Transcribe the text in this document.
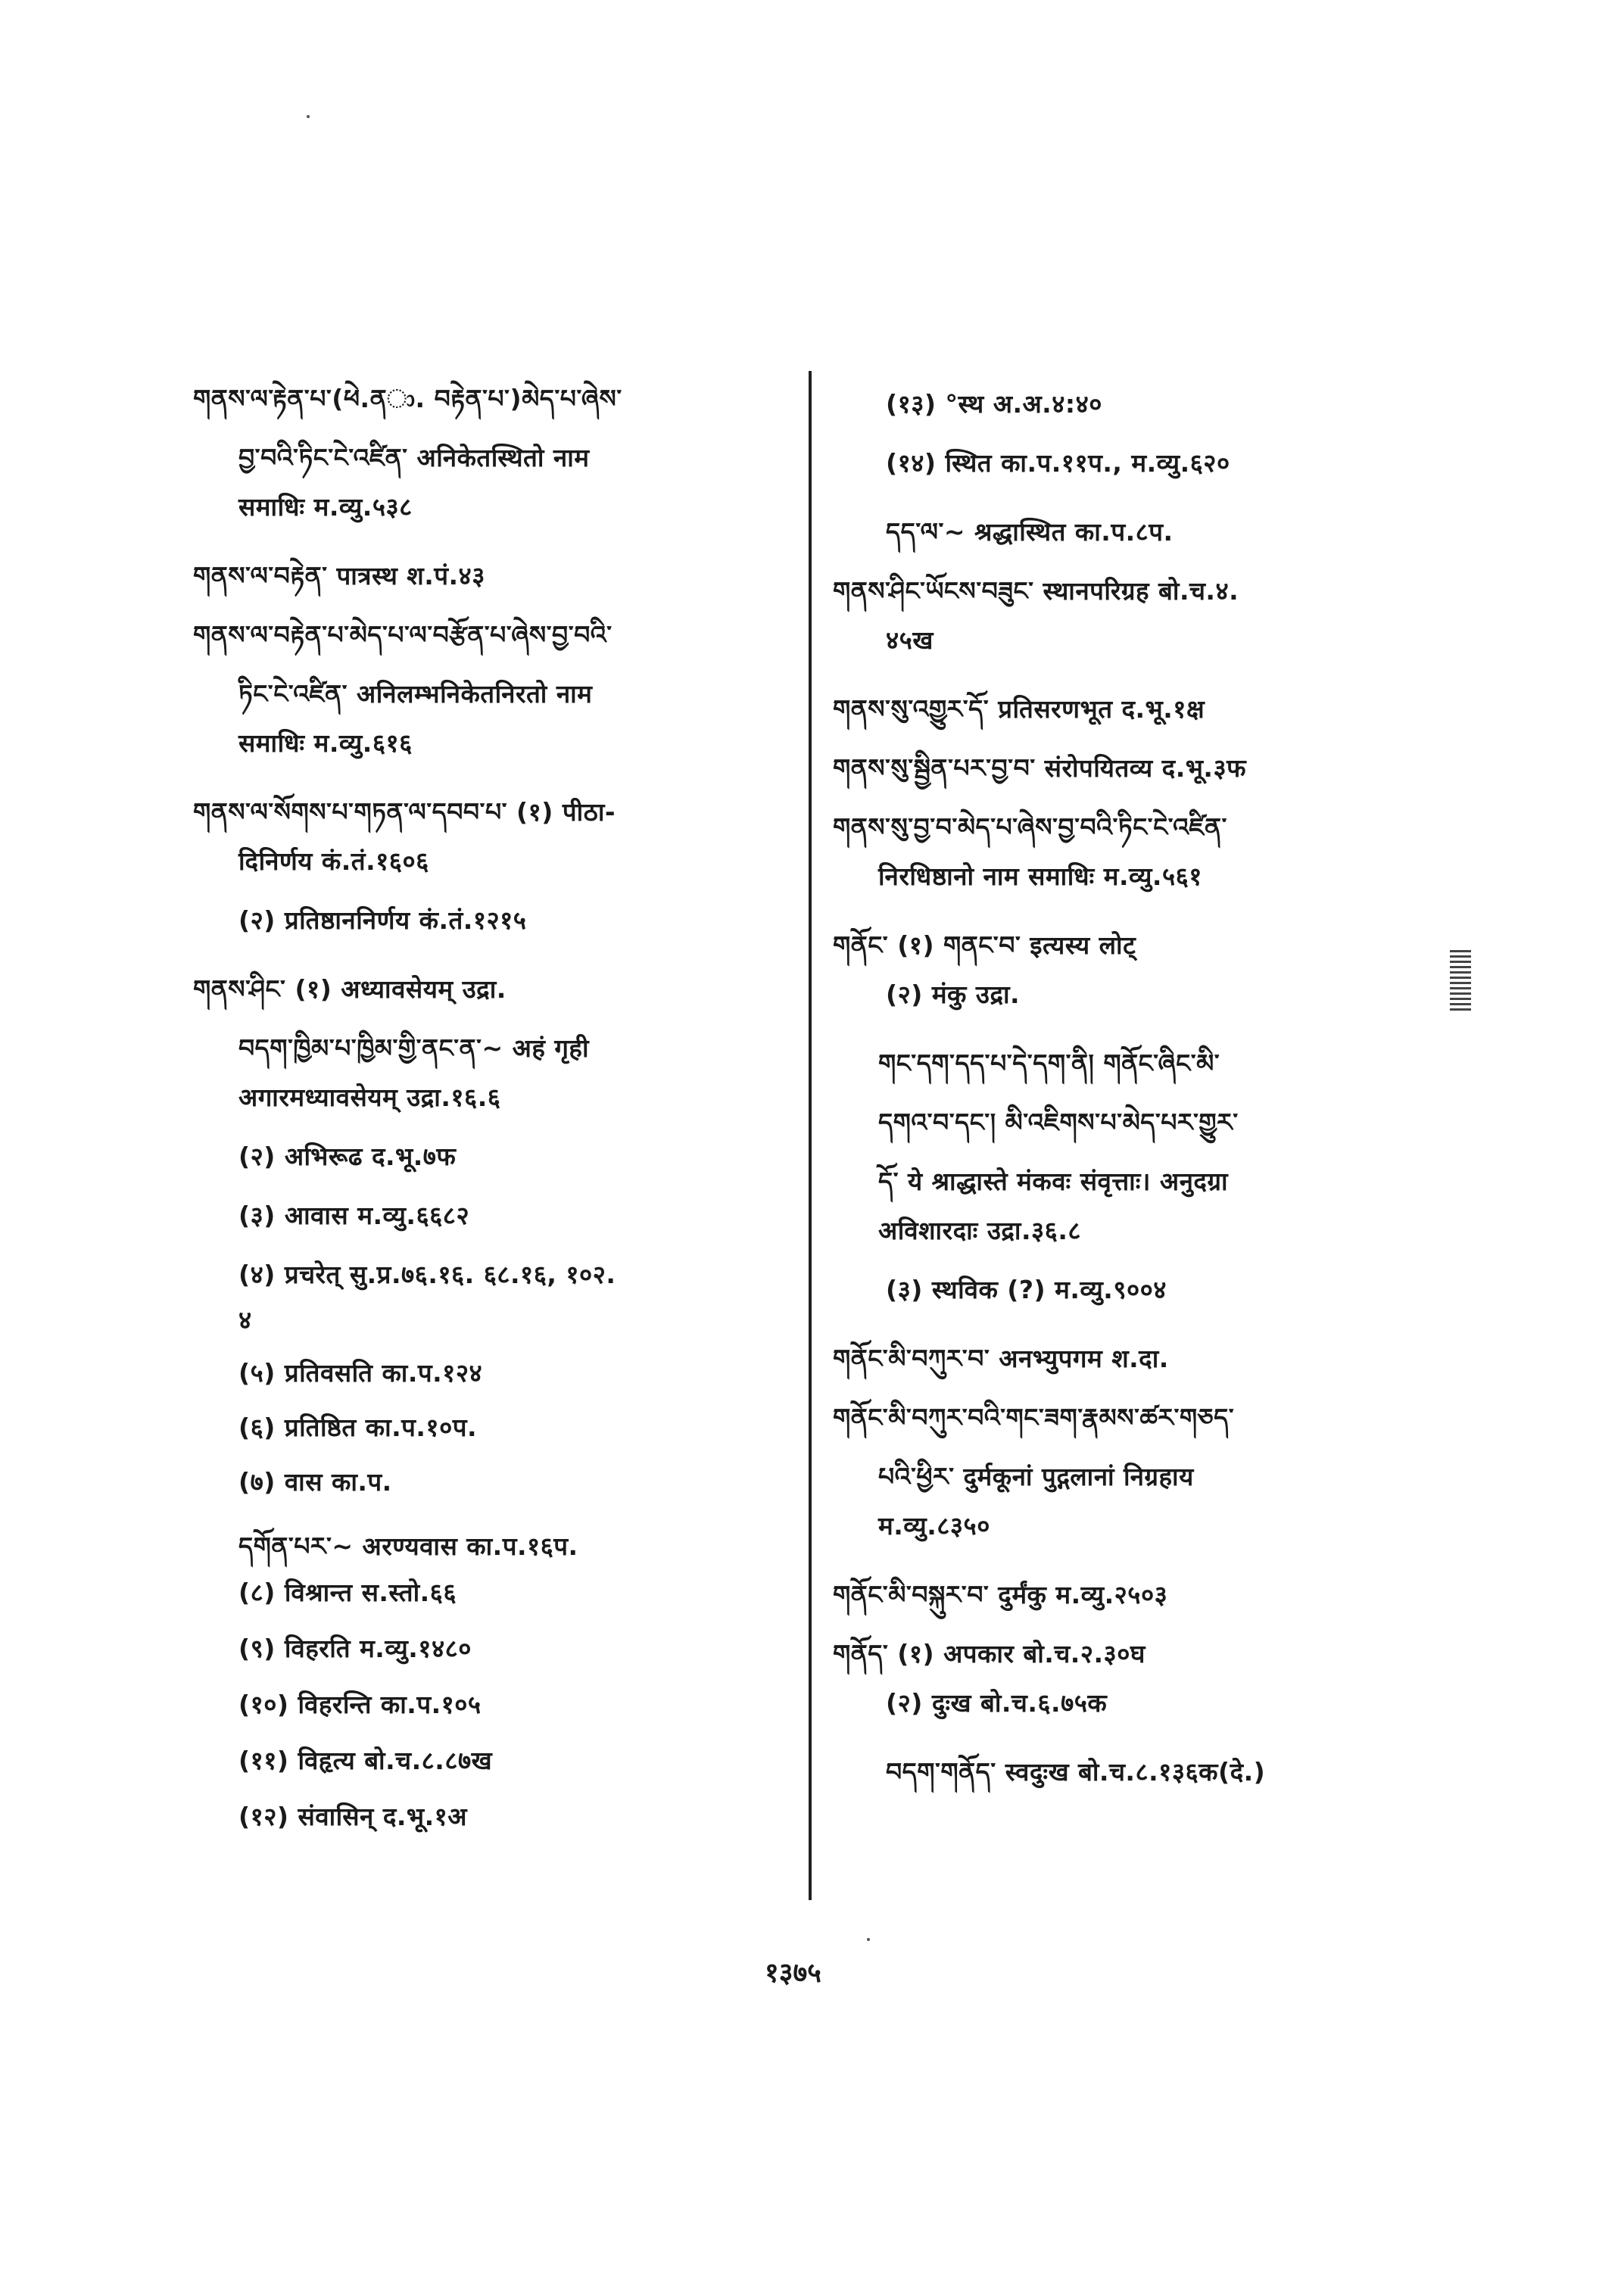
གནས་ལ་རྟེན་པ་(ཕེ.ནා. བརྟེན་པ་)མེད་པ་ཞེས་
བྱ་བའི་ཏིང་ངེ་འཛིན་ अनिकेतस्थितो नाम
समाधिः म.व्यु.५३८
གནས་ལ་བརྟེན་ पात्रस्थ श.पं.४३
གནས་ལ་བརྟེན་པ་མེད་པ་ལ་བརྩོན་པ་ཞེས་བྱ་བའི་
ཏིང་ངེ་འཛིན་ अनिलम्भनिकेतनिरतो नाम
समाधिः म.व्यु.६१६
གནས་ལ་སོགས་པ་གཏན་ལ་དབབ་པ་ (१) पीठा-
दिनिर्णय कं.तं.१६०६
(२) प्रतिष्ठाननिर्णय कं.तं.१२१५
གནས་ཤིང་ (१) अध्यावसेयम् उद्रा.
བདག་ཁྱིམ་པ་ཁྱིམ་གྱི་ནང་ན་~ अहं गृही
अगारमध्यावसेयम् उद्रा.१६.६
(२) अभिरूढ द.भू.७फ
(३) आवास म.व्यु.६६८२
(४) प्रचरेत् सु.प्र.७६.१६. ६८.१६, १०२.
४
(५) प्रतिवसति का.प.१२४
(६) प्रतिष्ठित का.प.१०प.
(७) वास का.प.
དགོན་པར་~ अरण्यवास का.प.१६प.
(८) विश्रान्त स.स्तो.६६
(९) विहरति म.व्यु.१४८०
(१०) विहरन्ति का.प.१०५
(११) विहृत्य बो.च.८.८७ख
(१२) संवासिन् द.भू.१अ
(१३) °स्थ अ.अ.४:४०
(१४) स्थित का.प.११प., म.व्यु.६२०
དད་ལ་~ श्रद्धास्थित का.प.८प.
གནས་ཤིང་ཡོངས་བཟུང་ स्थानपरिग्रह बो.च.४.
४५ख
གནས་སུ་འགྱུར་དོ་ प्रतिसरणभूत द.भू.१क्ष
གནས་སུ་སྦྱིན་པར་བྱ་བ་ संरोपयितव्य द.भू.३फ
གནས་སུ་བྱ་བ་མེད་པ་ཞེས་བྱ་བའི་ཏིང་ངེ་འཛིན་
निरधिष्ठानो नाम समाधिः म.व्यु.५६१
གནོང་ (१) གནང་བ་ इत्यस्य लोट्
(२) मंकु उद्रा.
གང་དག་དད་པ་དེ་དག་ནི། གནོང་ཞིང་མི་
དགའ་བ་དང་། མི་འཇིགས་པ་མེད་པར་གྱུར་
དོ་ ये श्राद्धास्ते मंकवः संवृत्ताः। अनुदग्रा
अविशारदाः उद्रा.३६.८
(३) स्थविक (?) म.व्यु.९००४
གནོང་མི་བཀུར་བ་ अनभ्युपगम श.दा.
གནོང་མི་བཀུར་བའི་གང་ཟག་རྣམས་ཚར་གཅད་
པའི་ཕྱིར་ दुर्मकूनां पुद्गलानां निग्रहाय
म.व्यु.८३५०
གནོང་མི་བསྐུར་བ་ दुर्मंकु म.व्यु.२५०३
གནོད་ (१) अपकार बो.च.२.३०घ
(२) दुःख बो.च.६.७५क
བདག་གནོད་ स्वदुःख बो.च.८.१३६क(दे.)
१३७५
